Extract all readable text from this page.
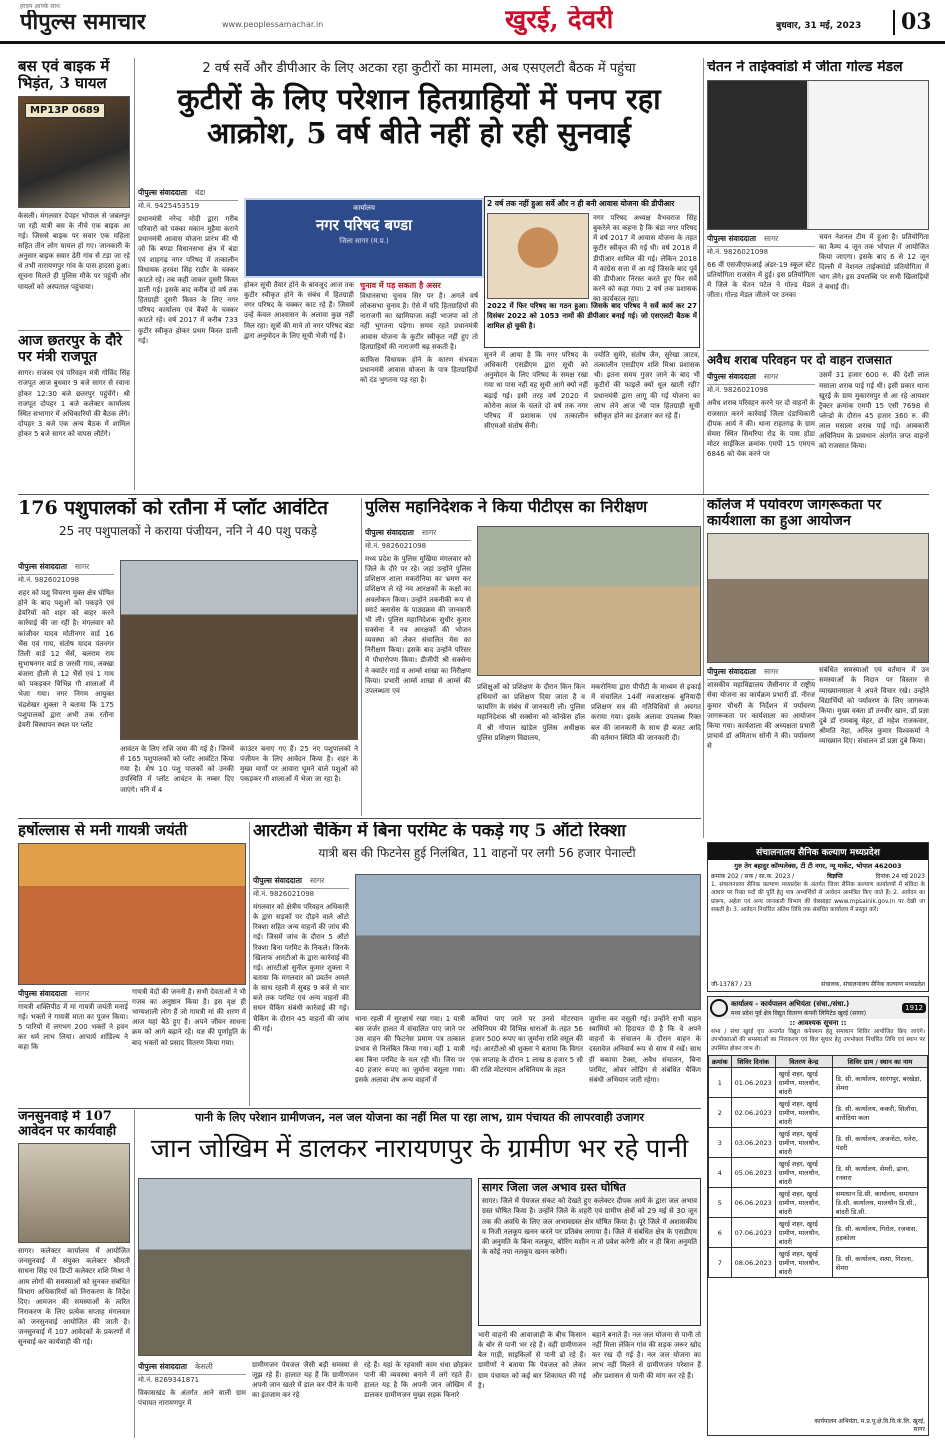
हरदम आपके साथ
पीपुल्स समाचार	www.peoplessamachar.in	खुरई, देवरी	बुधवार, 31 मई, 2023	03
बस एवं बाइक में भिड़ंत, 3 घायल
MP13P 0689
केसली। मंगलवार देपहर भोपाल से जबलपुर जा रही यात्री बस के नीचे एक बाइक आ गई। जिससे बाइक पर सवार एक महिला सहित तीन लोग घायल हो गए। जानकारी के अनुसार बाइक सवार ढेरी गांव से टड़ा जा रहे थे तभी नारायणपुर गांव के पास हादसा हुआ। सूचना मिलते ही पुलिस मौके पर पहुंची और घायलों को अस्पताल पहुंचाया।
आज छतरपुर के दौरे पर मंत्री राजपूत
सागर। राजस्व एवं परिवहन मंत्री गोविंद सिंह राजपूत आज बुधवार 9 बजे सागर से रवाना होकर 12:30 बजे छतरपुर पहुंचेंगे। श्री राजपूत दोपहर 1 बजे कलेक्टर कार्यालय स्थित सभागार में अधिकारियों की बैठक लेंगे। दोपहर 3 बजे एक अन्य बैठक में शामिल होकर 5 बजे सागर को वापस लौटेंगे।
2 वर्ष सर्वे और डीपीआर के लिए अटका रहा कुटीरों का मामला, अब एसएलटी बैठक में पहुंचा
कुटीरों के लिए परेशान हितग्राहियों में पनप रहा आक्रोश, 5 वर्ष बीते नहीं हो रही सुनवाई
पीपुल्स संवाददाता बंडा
मो.नं. 9425453519
प्रधानमंत्री नरेन्द्र मोदी द्वारा गरीब परिवारों को पक्का मकान मुहैया कराने प्रधानमंत्री आवास योजना प्रारंभ की थी जो कि बण्डा विधानसभा क्षेत्र में बंडा एवं शाहगढ़ नगर परिषद में तत्कालीन विधायक हरवंश सिंह राठौर के चक्कर काटते रहे। तब कहीं जाकर दूसरी किस्त डाली गई। इसके बाद करीब दो वर्ष तक हितग्राही दूसरी किस्त के लिए नगर परिषद कार्यालय एवं बैंकों के चक्कर काटते रहे। वर्ष 2017 में करीब 733 कुटीर स्वीकृत होकर प्रथम किस्त डाली गई।
कार्यालय
नगर परिषद बण्डा
जिला सागर (म.प्र.)
होकर सूची तैयार होने के बावजूद आज तक कुटीर स्वीकृत होने के संबंध में हितग्राही नगर परिषद के चक्कर काट रहे हैं। जिसमें उन्हें केवल आश्वासन के अलावा कुछ नहीं मिल रहा। सूत्रों की माने तो नगर परिषद बंडा द्वारा अनुमोदन के लिए सूची भेजी गई है।
चुनाव में पड़ सकता है असर
विधानसभा चुनाव सिर पर है। अगले वर्ष लोकसभा चुनाव है। ऐसे में यदि हितग्राहियों की नाराजगी का खामियाजा कहीं भाजपा को तो नहीं भुगतना पड़ेगा। समय रहते प्रधानमंत्री आवास योजना के कुटीर स्वीकृत नहीं हुए तो हितग्राहियों की नाराजगी बढ़ सकती है।
काफिस विधायक होने के कारण संभवतः प्रधानमंत्री आवास योजना के पात्र हितग्राहियों को दंड भुगतना पड़ रहा है।
2 वर्ष तक नहीं हुआ सर्वे और न ही बनी आवास योजना की डीपीआर
नगर परिषद अध्यक्ष वैभवराज सिंह बुकरेले का कहना है कि बंडा नगर परिषद में वर्ष 2017 में आवास योजना के तहत कुटीर स्वीकृत की गई थी। वर्ष 2018 में डीपीआर शामिल की गई। लेकिन 2018 में कांग्रेस सत्ता में आ गई जिसके बाद पूर्व की डीपीआर निरस्त करते हुए फिर सर्वे करने को कहा गया। 2 वर्ष तक प्रशासक का कार्यकाल रहा।
2022 में फिर परिषद का गठन हुआ। जिसके बाद परिषद ने सर्वे कार्य कर 27 दिसंबर 2022 को 1053 नामों की डीपीआर बनाई गई। जो एसएलटी बैठक में शामिल हो चुकी है।
सुनने में आया है कि नगर परिषद के अधिकारी एसडीएम द्वारा सूची को अनुमोदन के लिए परिषद के समक्ष रखा गया था पास नहीं वह सूची आगे क्यों नहीं बढ़ाई गई। इसी तरह वर्ष 2020 में कोरोना काल के चलते दो वर्ष तक नगर परिषद में प्रशासक एवं तत्कालीन सीएमओ संतोष सैनी।
ज्योति सुमेरे, संतोष जैन, सुरेखा जाटव, तत्कालीन एसडीएम शशि मिश्रा प्रशासक थी। इतना समय गुजर जाने के बाद भी कुटीरों की फाइलें क्यों धूल खाती रहीं? प्रधानमंत्री द्वारा लागू की गई योजना का लाभ लेने आज भी पात्र हितग्राही सूची स्वीकृत होने का इंतजार कर रहे हैं।
चेतन ने ताईक्वांडो में जीता गोल्ड मेडल
पीपुल्स संवाददाता सागर
मो.नं. 9826021098
66 वीं एसजीएफआई अंडर-19 स्कूल स्टेट प्रतियोगिता राजसेन में हुई। इस प्रतियोगिता में जिले के चेतन पटेल ने गोल्ड मेडल जीता। गोल्ड मेडल जीतने पर उनका
चयन नेशनल टीम में हुआ है। प्रतियोगिता का कैम्प 4 जून तक भोपाल में आयोजित किया जाएगा। इसके बाद 6 से 12 जून दिल्ली में नेशनल ताईक्वांडो प्रतियोगिता में भाग लेंगे। इस उपलब्धि पर सभी खिलाड़ियों ने बधाई दी।
अवैध शराब परिवहन पर दो वाहन राजसात
पीपुल्स संवाददाता सागर
मो.नं. 9826021098
अवैध शराब परिवहन करने पर दो वाहनों के राजसात करने कार्रवाई जिला दंडाधिकारी दीपक आर्य ने की। थाना राहतगढ़ के ग्राम सेमरा स्थित सिमरिया रोड के पास होंडा मोटर साईकिल क्रमांक एमपी 15 एमएच 6846 को चेक करने पर
उसमें 31 हजार 600 रु. की देशी लाल मसाला शराब पाई गई थी। इसी प्रकार थाना खुरई के ग्राम मुकारमपुर से आ रहे आयशर ट्रैक्टर क्रमांक एमपी 15 एसी 7698 से प्लेन्डो के दौरान 45 हजार 360 रु. की लाल मसाला शराब पाई गई। आबकारी अधिनियम के प्रावधान अंतर्गत जप्त वाहनों को राजसात किया।
176 पशुपालकों को रतौना में प्लॉट आवंटित
25 नए पशुपालकों ने कराया पंजीयन, ननि ने 40 पशु पकड़े
पीपुल्स संवाददाता सागर
मो.नं. 9826021098
शहर को पशु विचरण मुक्त क्षेत्र घोषित होने के बाद पशुओं को पकड़ने एवं डेयरियों को शहर को बाहर करने कार्रवाई की जा रही है। मंगलवार को कांजीवर यादव मोतीनगर वार्ड 16 भैंस एवं गाय, संतोष यादव पंतनगर तिली वार्ड 12 भैंसें, बलराम राय सुभाषनगर वार्ड 8 जरसी गाय, लक्खा बंजारा हौली से 12 भैंसें एवं 1 गाय को पकड़कर विभिन्न गौ शालाओं में भेजा गया। नगर निगम आयुक्त चंद्रशेखर शुक्ला ने बताया कि 175 पशुपालकों द्वारा अभी तक रतौना डेयरी विस्थापन स्थल पर प्लॉट
आवंटन के लिए राशि जमा की गई है। जिनमें से 165 पशुपालकों को प्लॉट आवंटित किया गया है। शेष 10 पशु पालकों को उनकी उपस्थिति में प्लॉट आवंटन के नम्बर दिए जाएंगे। ननि में 4
काउंटर बनाए गए हैं। 25 नए पशुपालकों ने पंजीयन के लिए आवेदन किया है। शहर के मुख्य मार्गों पर आवारा घूमने वाले पशुओं को पकड़कर गौ शालाओं में भेजा जा रहा है।
पुलिस महानिदेशक ने किया पीटीएस का निरीक्षण
पीपुल्स संवाददाता सागर
मो.नं. 9826021098
मध्य प्रदेश के पुलिस मुखिया मंगलवार को जिले के दौरे पर रहे। जहां उन्होंने पुलिस प्रशिक्षण शाला मकरोनिया का भ्रमण कर प्रशिक्षण ले रहे नव आरक्षकों के कक्षों का अवलोकन किया। उन्होंने तकनीकी रूप से स्मार्ट क्लासेस के पाठ्यक्रम की जानकारी भी ली। पुलिस महानिदेशक सुधीर कुमार सक्सेना ने नव आरक्षकों की भोजन व्यवस्था को लेकर संचालित मेस का निरीक्षण किया। इसके बाद उन्होंने परिसर में पौधारोपण किया। डीजीपी श्री सक्सेना ने क्वार्टर गार्ड व आर्म्स शाखा का निरीक्षण किया। प्रभारी आर्म्स शाखा से आर्म्स की उपलब्धता एवं	प्रशिक्षुओं को प्रशिक्षण के दौरान किन किन हथियारों का प्रशिक्षण दिया जाता है व फायरिंग के संबंध में जानकारी ली। पुलिस महानिदेशक श्री सक्सेना को कॉन्फ्रेंस हॉल में श्री गोपाल खांडेल पुलिस अधीक्षक पुलिस प्रशिक्षण विद्यालय,
मकरोनिया द्वारा पीपीटी के माध्यम से इकाई में संचालित 14वीं नवआरक्षक बुनियादी प्रशिक्षण सत्र की गतिविधियों से अवगत कराया गया। इसके अलावा उपलब्ध रिक्त बल की जानकारी के साथ ही बजट आदि की वर्तमान स्थिति की जानकारी दी।
कॉलेज में पर्यावरण जागरूकता पर कार्यशाला का हुआ आयोजन
पीपुल्स संवाददाता सागर
शासकीय महाविद्यालय जैसीनगर में राष्ट्रीय सेवा योजना का कार्यक्रम प्रभारी डॉ. नीरज कुमार चौधरी के निर्देशन में पर्यावरण जागरूकता पर कार्यशाला का आयोजन किया गया। कार्यशाला की अध्यक्षता प्रभारी प्राचार्य डॉ अमिताभ सोनी ने की। पर्यावरण से
संबंधित समस्याओं एवं वर्तमान में उन समस्याओं के निदान पर विस्तार से व्याख्यानमाला ने अपने विचार रखे। उन्होंने विद्यार्थियों को पर्यावरण के लिए जागरूक किया। मुख्य वक्ता डॉ तनवीर खान, डॉ प्रज्ञा दुबे डॉ रामबाबू मेहर, डॉ महेश राजकवार, श्रीमति नेहा, अनिल कुमार विश्वकर्मा ने व्याख्यान दिए। संचालन डॉ प्रज्ञा दुबे किया।
हर्षोल्लास से मनी गायत्री जयंती
पीपुल्स संवाददाता सागर
गायत्री शक्तिपीठ में मां गायत्री जयंती मनाई गई। भक्तों ने गायत्री माता का पूजन किया। 5 पारियों में लगभग 200 भक्तों ने हवन कर धर्म लाभ लिया। आचार्य शांडिल्य ने कहा कि
गायत्री वेदों की जननी है। सभी देवताओं ने भी गजब का अनुष्ठान किया है। इस वृक्ष ही भाग्यशाली लोग हैं जो गायत्री मां की शरण में आज यहां बैठे हुए हैं। अपने जीवन साधना क्रम को आगे बढ़ाने रहें। यज्ञ की पूर्णाहुति के बाद भक्तों को प्रसाद वितरण किया गया।
आरटीओ चैकिंग में बिना परमिट के पकड़े गए 5 ऑटो रिक्शा
यात्री बस की फिटनेस हुई निलंबित, 11 वाहनों पर लगी 56 हजार पेनाल्टी
पीपुल्स संवाददाता सागर
मो.नं. 9826021098
मंगलवार को क्षेत्रीय परिवहन अधिकारी के द्वारा सड़कों पर दौड़ने वाले ऑटो रिक्शा सहित अन्य वाहनों की जांच की गई। जिसमें जांच के दौरान 5 ऑटो रिक्शा बिना परमिट के निकले। जिनके खिलाफ आरटीओ के द्वारा कार्रवाई की गई। आरटीओ सुनील कुमार शुक्ला ने बताया कि मंगलवार को प्रवर्तन अमले के साथ रहली में सुबह 9 बजे से चार बजे तक परमिट एवं अन्य वाहनों की सघन चैकिंग संबंधी कार्रवाई की गई। चैकिंग के दौरान 45 वाहनों की जांच की गई।
थाना रहली में सुरक्षार्थ रखा गया। 1 यात्री बस जर्जर हालत में संचालित पाए जाने पर उस वाहन की फिटनेस प्रमाण पत्र तत्काल प्रभाव से निलंबित किया गया। वहीं 1 यात्री बस बिना परमिट के चल रही थी। जिस पर 40 हजार रूपए का जुर्माना वसूला गया। इसके अलावा शेष अन्य वाहनों में
कमियां पाए जाने पर उनसे मोटरयान अधिनियम की विभिन्न धाराओं के तहत 56 हजार 500 रूपए का जुर्माना राशि वसूल की गई। आरटीओ श्री शुक्ला ने बताया कि विगत एक सप्ताह के दौरान 1 लाख 8 हजार 5 सौ की राशि मोटरयान अधिनियम के तहत
जुर्माना कर वसूली गई। उन्होंने सभी वाहन स्वामियों को हिदायत दी है कि वे अपने वाहनों के संचालन के दौरान वाहन के दस्तावेज अनिवार्य रूप से साथ में रखें। साथ ही बकाया टैक्स, अवैध संचालन, बिना परमिट, ओवर लोडिंग से संबंधित चैकिंग संबंधी अभियान जारी रहेगा।
संचालनालय सैनिक कल्याण मध्यप्रदेश
गुरु तेग बहादुर कॉम्पलेक्स, टी टी नगर, न्यू मार्केट, भोपाल 462003
क्रमांक 202 / सक / सा.क. 2023 /	विज्ञप्ति	दिनांक 24 मई 2023
1. संचालनालय सैनिक कल्याण मध्यप्रदेश के अंतर्गत जिला सैनिक कल्याण कार्यालयों में संविदा के आधार पर रिक्त पदों की पूर्ति हेतु पात्र अभ्यर्थियों से आवेदन आमंत्रित किए जाते हैं। 2. आवेदन का प्रारूप, अर्हता एवं अन्य जानकारी विभाग की वेबसाइट www.mpsainik.gov.in पर देखी जा सकती है। 3. आवेदन निर्धारित अंतिम तिथि तक संबंधित कार्यालय में प्रस्तुत करें।
जी-13787 / 23	संचालक, संचालनालय सैनिक कल्याण मध्यप्रदेश
कार्यालय - कार्यपालन अभियंता (संचा./संधा.)
मध्य प्रदेश पूर्व क्षेत्र विद्युत वितरण कंपनी लिमिटेड खुरई (सागर)
1912
:: आवश्यक सूचना ::
संभा / संचा खुरई वृत्त अन्तर्गत विद्युत कनेक्शन हेतु समाधान शिविर आयोजित किए जाएंगे। उपभोक्ताओं की समस्याओं का निराकरण एवं बिल सुधार हेतु उपभोक्ता निर्धारित तिथि एवं स्थान पर उपस्थित होकर लाभ लें।
क्रमांक	शिविर दिनांक	वितरण केन्द्र	शिविर ग्राम / स्थान का नाम
1	01.06.2023	खुरई शहर, खुरई ग्रामीण, मालथौन, बांदरी	डि. सी. कार्यालय, सारंगपुर, बरखेड़ा, सेमरा
2	02.06.2023	खुरई शहर, खुरई ग्रामीण, मालथौन, बांदरी	डि. सी. कार्यालय, ककरी, सिलौधा, बारोदिया कला
3	03.06.2023	खुरई शहर, खुरई ग्रामीण, मालथौन, बांदरी	डि. सी. कार्यालय, अजनोटा, धनेरा, पंडरी
4	05.06.2023	खुरई शहर, खुरई ग्रामीण, मालथौन, बांदरी	डि. सी. कार्यालय, सेमरी, ढाना, रनवारा
5	06.06.2023	खुरई शहर, खुरई ग्रामीण, मालथौन, बांदरी	समाधान डि.सी. कार्यालय, समाधान डि.सी. कार्यालय, मालथौन डि.सी., बांदरी डि.सी.
6	07.06.2023	खुरई शहर, खुरई ग्रामीण, मालथौन, बांदरी	डि. सी. कार्यालय, गिरोल, रजवास, हड़कोला
7	08.06.2023	खुरई शहर, खुरई ग्रामीण, मालथौन, बांदरी	डि. सी. कार्यालय, सत्पा, गिराला, सेमरा
कार्यपालन अभियंता, म.प्र.पू.क्षे.वि.वि.कं.लि. खुरई, सागर
जनसुनवाई में 107 आवेदन पर कार्यवाही
सागर। कलेक्टर कार्यालय में आयोजित जनसुनवाई में संयुक्त कलेक्टर श्रीमती साधना सिंह एवं डिप्टी कलेक्टर शशि मिश्रा ने आम लोगों की समस्याओं को सुनकर संबंधित विभाग अधिकारियों को निराकरण के निर्देश दिए। आमजन की समस्याओं के त्वरित निराकरण के लिए प्रत्येक सप्ताह मंगलवार को जनसुनवाई आयोजित की जाती है। जनसुनवाई में 107 आवेदकों के प्रकरणों में सुनवाई कर कार्यवाही की गई।
पानी के लिए परेशान ग्रामीणजन, नल जल योजना का नहीं मिल पा रहा लाभ, ग्राम पंचायत की लापरवाही उजागर
जान जोखिम में डालकर नारायणपुर के ग्रामीण भर रहे पानी
सागर जिला जल अभाव ग्रस्त घोषित
सागर। जिले में पेयजल संकट को देखते हुए कलेक्टर दीपक आर्य के द्वारा जल अभाव ग्रस्त घोषित किया है। उन्होंने जिले के शहरी एवं ग्रामीण क्षेत्रों को 29 मई से 30 जून तक की अवधि के लिए जल अभावग्रस्त क्षेत्र घोषित किया है। पूरे जिले में अशासकीय व निजी नलकूप खनन करने पर प्रतिबंध लगाया है। जिले में संबंधित क्षेत्र के एसडीएम की अनुमति के बिना नलकूप, बोरिंग मशीन न तो प्रवेश करेगी और न ही बिना अनुमति के कोई नया नलकूप खनन करेगी।
पीपुल्स संवाददाता केसली
मो.नं. 8269341871
विकासखंड के अंतर्गत आने वाली ग्राम पंचायत नारायणपुर में
ग्रामीणजन पेयजल जैसी बड़ी समस्या से जूझ रहे हैं। हालात यह हैं कि ग्रामीणजन अपनी जान खतरे में डाल कर पीने के पानी का इंतजाम कर रहे
रहे हैं। यहां के रहवासी काम धंधा छोड़कर पानी की व्यवस्था बनाने में लगे रहते हैं। हालत यह है कि अपनी जान जोखिम में डालकर ग्रामीणजन मुख्य सड़क किनारे
भारी वाहनों की आवाजाही के बीच किसान के बोर से पानी भर रहे हैं। वहीं ग्रामीणजन बैल गाड़ी, साइकिलों से पानी ढो रहे हैं। ग्रामीणों ने बताया कि पेयजल को लेकर ग्राम पंचायत को कई बार शिकायत की गई है।
बहाने बनाते हैं। नल जल योजना से पानी तो नहीं मिला लेकिन गांव की सड़क जरूर खोद कर रख दी गई है। नल जल योजना का लाभ नहीं मिलने से ग्रामीणजन परेशान हैं और प्रशासन से पानी की मांग कर रहे हैं।
